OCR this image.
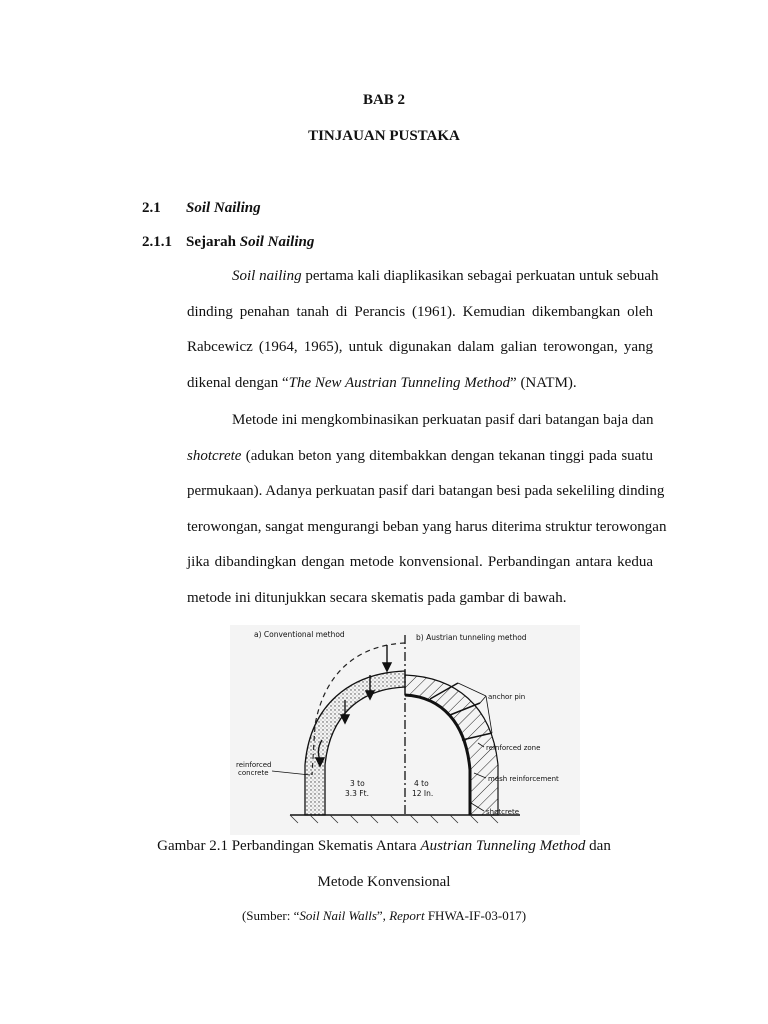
BAB 2
TINJAUAN PUSTAKA
2.1 Soil Nailing
2.1.1 Sejarah Soil Nailing
Soil nailing pertama kali diaplikasikan sebagai perkuatan untuk sebuah
dinding penahan tanah di Perancis (1961). Kemudian dikembangkan oleh
Rabcewicz (1964, 1965), untuk digunakan dalam galian terowongan, yang
dikenal dengan “The New Austrian Tunneling Method” (NATM).
Metode ini mengkombinasikan perkuatan pasif dari batangan baja dan
shotcrete (adukan beton yang ditembakkan dengan tekanan tinggi pada suatu
permukaan). Adanya perkuatan pasif dari batangan besi pada sekeliling dinding
terowongan, sangat mengurangi beban yang harus diterima struktur terowongan
jika dibandingkan dengan metode konvensional. Perbandingan antara kedua
metode ini ditunjukkan secara skematis pada gambar di bawah.
a) Conventional method	b) Austrian tunneling method
anchor pin
reinforced zone
mesh reinforcement
shotcrete
reinforced
concrete
3 to
3.3 Ft.
4 to
12 In.
Gambar 2.1 Perbandingan Skematis Antara Austrian Tunneling Method dan
Metode Konvensional
(Sumber: “Soil Nail Walls”, Report FHWA-IF-03-017)
